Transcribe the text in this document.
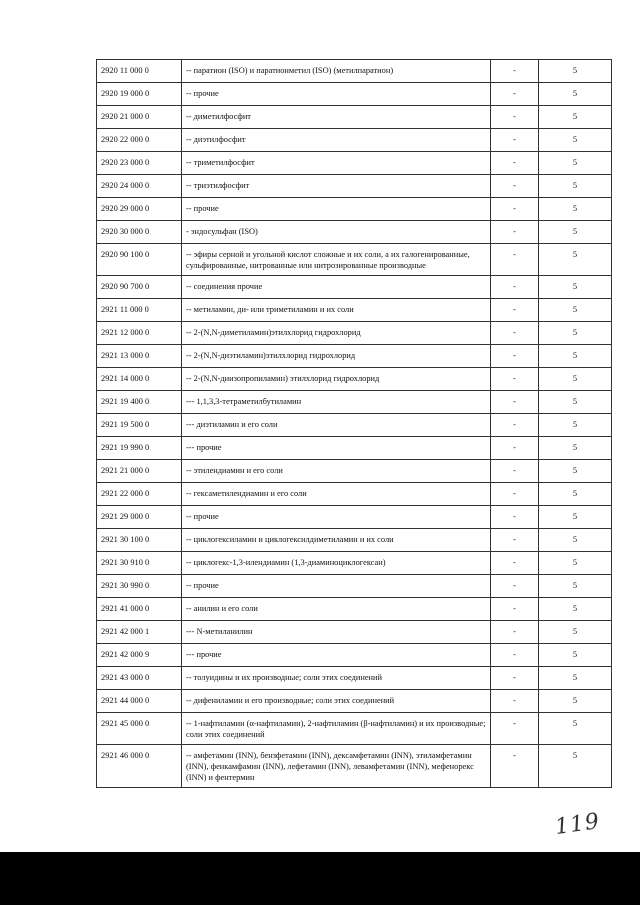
2920 11 000 0	-- паратион (ISO) и паратионметил (ISO) (метилпаратион)	-	5
2920 19 000 0	-- прочие	-	5
2920 21 000 0	-- диметилфосфит	-	5
2920 22 000 0	-- диэтилфосфит	-	5
2920 23 000 0	-- триметилфосфит	-	5
2920 24 000 0	-- триэтилфосфит	-	5
2920 29 000 0	-- прочие	-	5
2920 30 000 0	- эндосульфан (ISO)	-	5
2920 90 100 0	-- эфиры серной и угольной кислот сложные и их соли, а их галогенированные, сульфированные, нитрованные или нитрозированные производные	-	5
2920 90 700 0	-- соединения прочие	-	5
2921 11 000 0	-- метиламин, ди- или триметиламин и их соли	-	5
2921 12 000 0	-- 2-(N,N-диметиламин)этилхлорид гидрохлорид	-	5
2921 13 000 0	-- 2-(N,N-диэтиламин)этилхлорид гидрохлорид	-	5
2921 14 000 0	-- 2-(N,N-диизопропиламин) этилхлорид гидрохлорид	-	5
2921 19 400 0	--- 1,1,3,3-тетраметилбутиламин	-	5
2921 19 500 0	--- диэтиламин и его соли	-	5
2921 19 990 0	--- прочие	-	5
2921 21 000 0	-- этилендиамин и его соли	-	5
2921 22 000 0	-- гексаметилендиамин и его соли	-	5
2921 29 000 0	-- прочие	-	5
2921 30 100 0	-- циклогексиламин и циклогексилдиметиламин и их соли	-	5
2921 30 910 0	-- циклогекс-1,3-илендиамин (1,3-диаминоциклогексан)	-	5
2921 30 990 0	-- прочие	-	5
2921 41 000 0	-- анилин и его соли	-	5
2921 42 000 1	--- N-метиланилин	-	5
2921 42 000 9	--- прочие	-	5
2921 43 000 0	-- толуидины и их производные; соли этих соединений	-	5
2921 44 000 0	-- дифениламин и его производные; соли этих соединений	-	5
2921 45 000 0	-- 1-нафтиламин (α-нафтиламин), 2-нафтиламин (β-нафтиламин) и их производные; соли этих соединений	-	5
2921 46 000 0	-- амфетамин (INN), бензфетамин (INN), дексамфетамин (INN), этиламфетамин (INN), фенкамфамин (INN), лефетамин (INN), левамфетамин (INN), мефенорекс (INN) и фентермин	-	5
119
